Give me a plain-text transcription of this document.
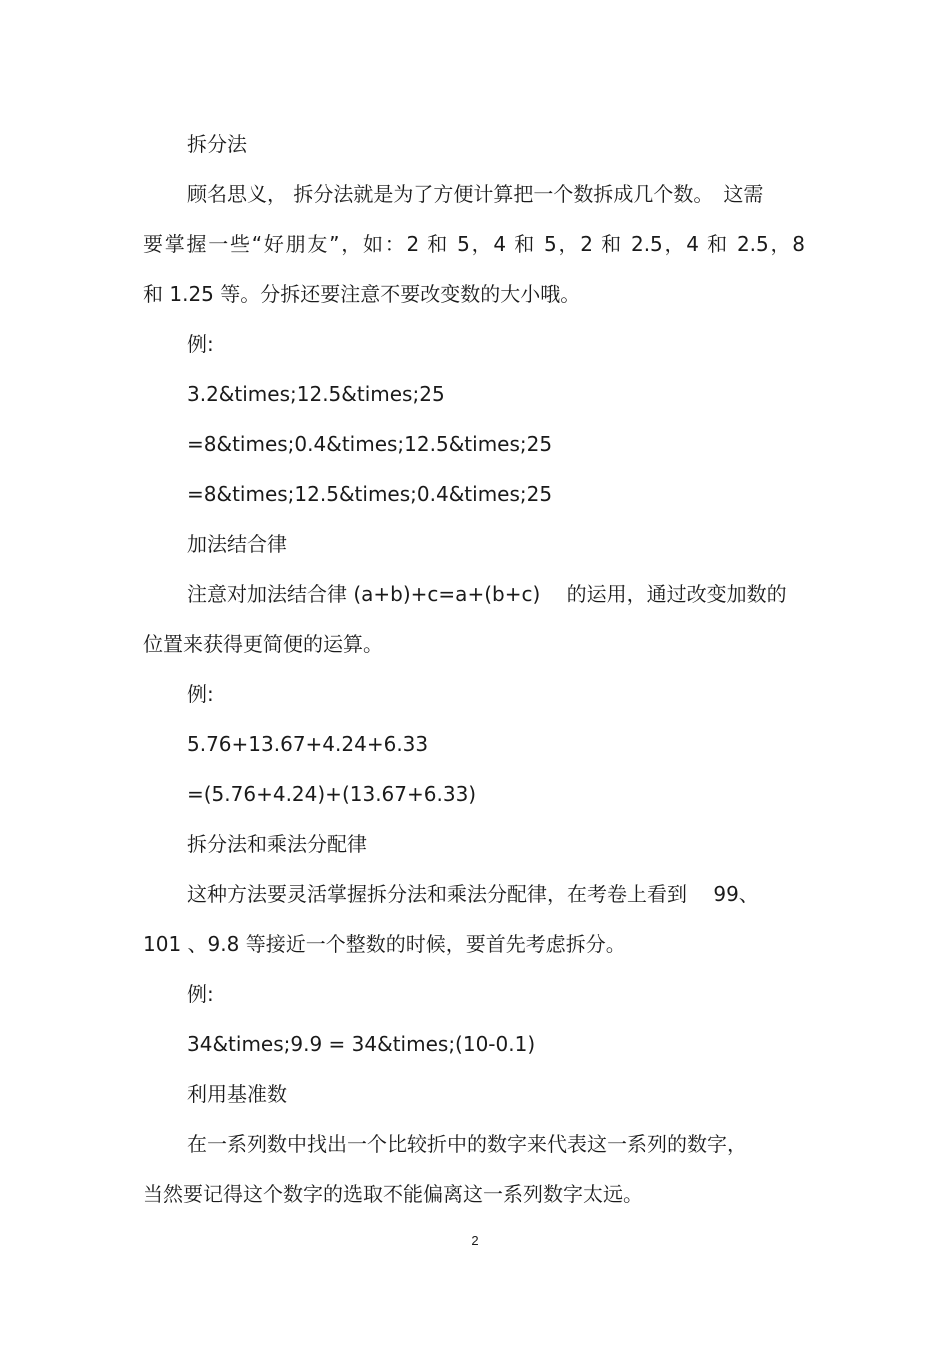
拆分法
顾名思义， 拆分法就是为了方便计算把一个数拆成几个数。　这需
要掌握一些“好朋友”，如：2 和 5，4 和 5，2 和 2.5，4 和 2.5，8
和 1.25 等。分拆还要注意不要改变数的大小哦。
例:
3.2&times;12.5&times;25
=8&times;0.4&times;12.5&times;25
=8&times;12.5&times;0.4&times;25
加法结合律
注意对加法结合律 (a+b)+c=a+(b+c)　 的运用，通过改变加数的
位置来获得更简便的运算。
例:
5.76+13.67+4.24+6.33
=(5.76+4.24)+(13.67+6.33)
拆分法和乘法分配律
这种方法要灵活掌握拆分法和乘法分配律，在考卷上看到　 99、
101 、9.8 等接近一个整数的时候，要首先考虑拆分。
例:
34&times;9.9 = 34&times;(10-0.1)
利用基准数
在一系列数中找出一个比较折中的数字来代表这一系列的数字，
当然要记得这个数字的选取不能偏离这一系列数字太远。
2
